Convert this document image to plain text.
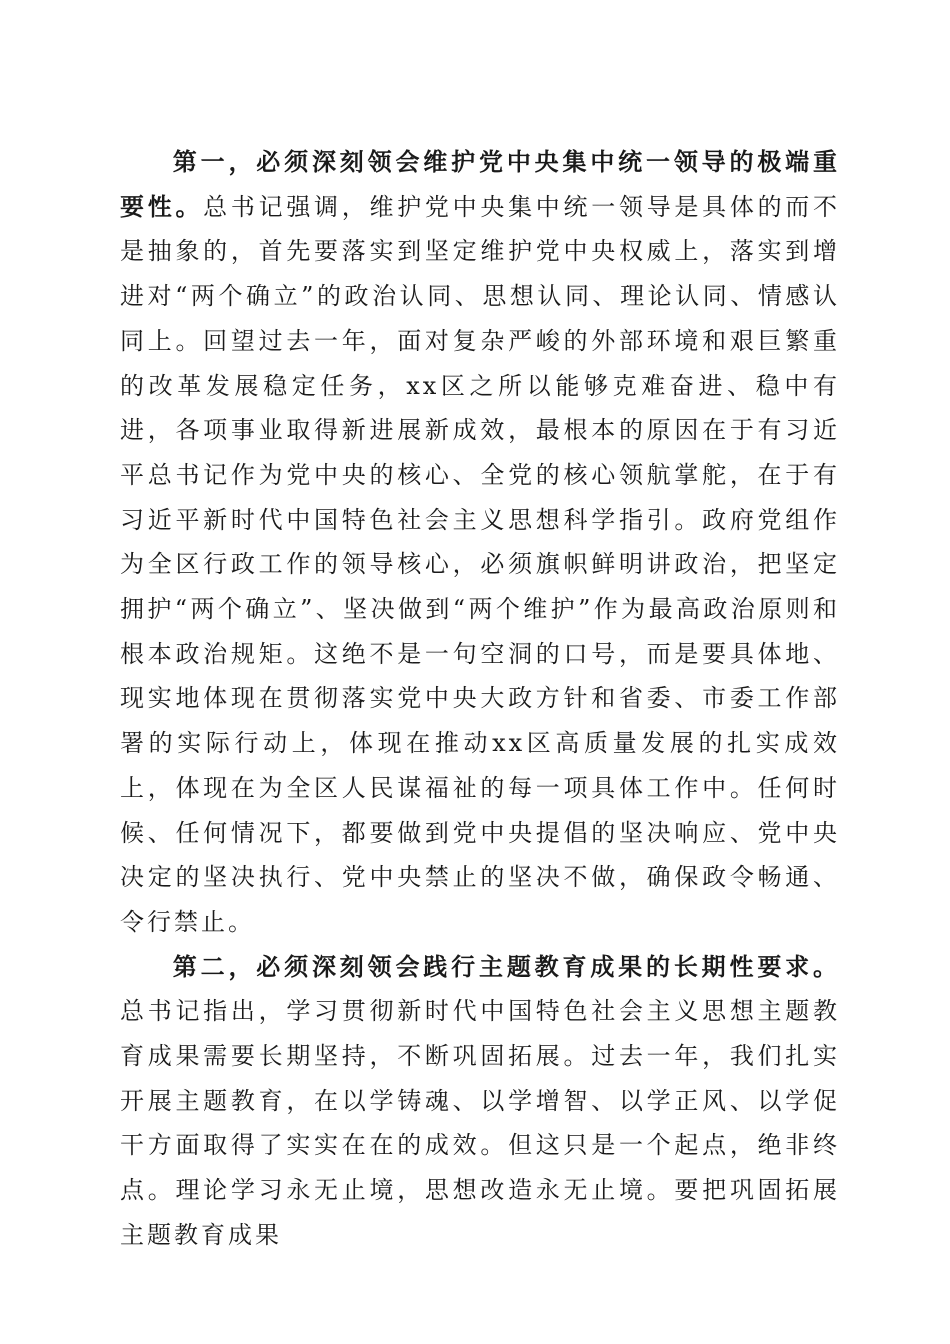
第一，必须深刻领会维护党中央集中统一领导的极端重要性。总书记强调，维护党中央集中统一领导是具体的而不是抽象的，首先要落实到坚定维护党中央权威上，落实到增进对“两个确立”的政治认同、思想认同、理论认同、情感认同上。回望过去一年，面对复杂严峻的外部环境和艰巨繁重的改革发展稳定任务，xx区之所以能够克难奋进、稳中有进，各项事业取得新进展新成效，最根本的原因在于有习近平总书记作为党中央的核心、全党的核心领航掌舵，在于有习近平新时代中国特色社会主义思想科学指引。政府党组作为全区行政工作的领导核心，必须旗帜鲜明讲政治，把坚定拥护“两个确立”、坚决做到“两个维护”作为最高政治原则和根本政治规矩。这绝不是一句空洞的口号，而是要具体地、现实地体现在贯彻落实党中央大政方针和省委、市委工作部署的实际行动上，体现在推动xx区高质量发展的扎实成效上，体现在为全区人民谋福祉的每一项具体工作中。任何时候、任何情况下，都要做到党中央提倡的坚决响应、党中央决定的坚决执行、党中央禁止的坚决不做，确保政令畅通、令行禁止。

第二，必须深刻领会践行主题教育成果的长期性要求。总书记指出，学习贯彻新时代中国特色社会主义思想主题教育成果需要长期坚持，不断巩固拓展。过去一年，我们扎实开展主题教育，在以学铸魂、以学增智、以学正风、以学促干方面取得了实实在在的成效。但这只是一个起点，绝非终点。理论学习永无止境，思想改造永无止境。要把巩固拓展主题教育成果
